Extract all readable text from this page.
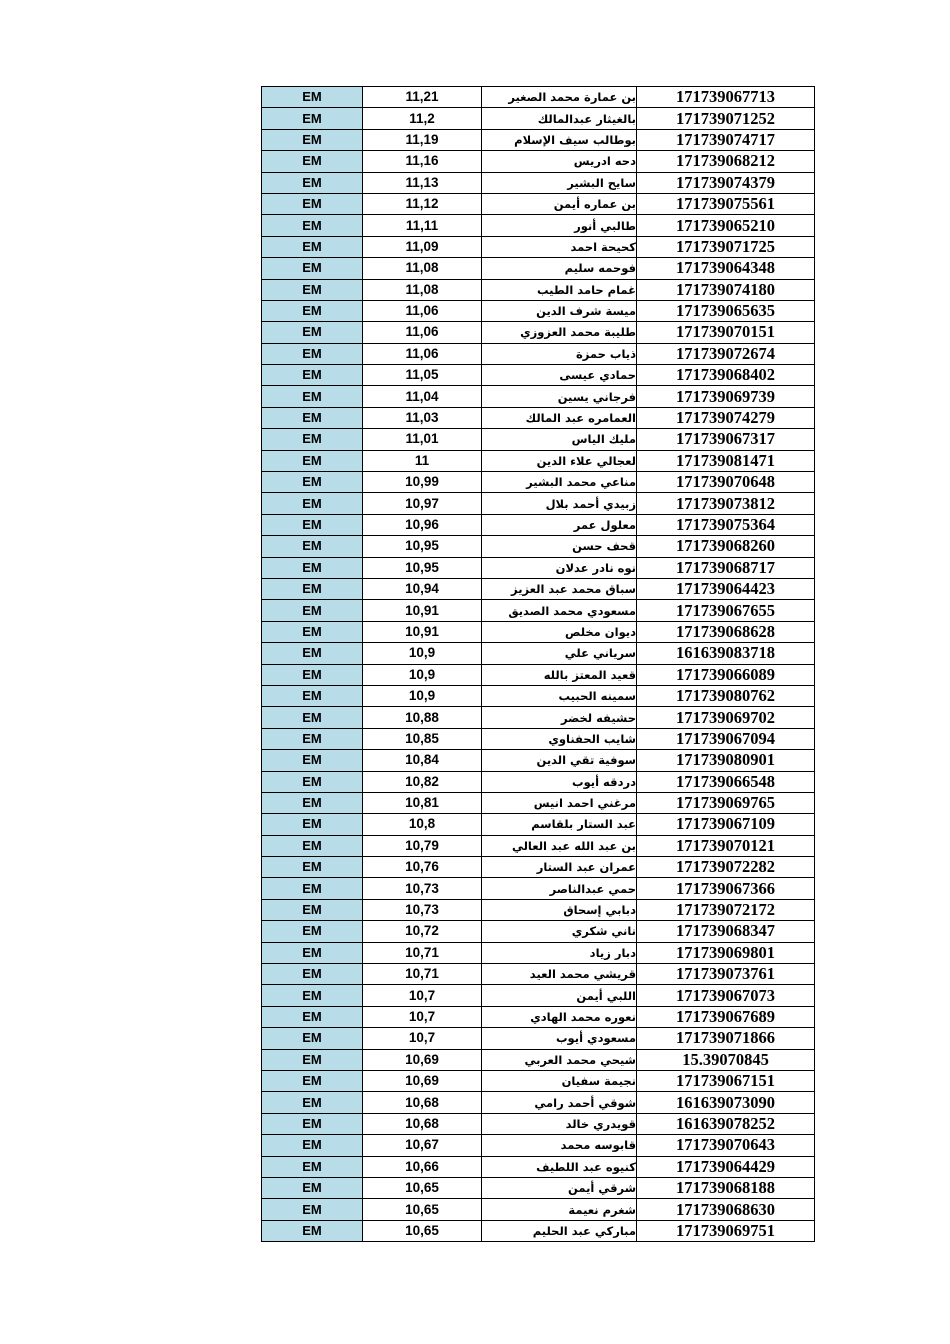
EM	11,21	بن عمارة محمد الصغير	171739067713
EM	11,2	بالغيثار عبدالمالك	171739071252
EM	11,19	بوطالب سيف الإسلام	171739074717
EM	11,16	دحه ادريس	171739068212
EM	11,13	سايح البشير	171739074379
EM	11,12	بن عماره أيمن	171739075561
EM	11,11	طالبي أنور	171739065210
EM	11,09	كحيحة احمد	171739071725
EM	11,08	فوحمه سليم	171739064348
EM	11,08	غمام حامد الطيب	171739074180
EM	11,06	ميسة شرف الدين	171739065635
EM	11,06	طليبة محمد العزوزي	171739070151
EM	11,06	ذياب حمزة	171739072674
EM	11,05	حمادي عيسى	171739068402
EM	11,04	فرجاني يسين	171739069739
EM	11,03	العمامره عبد المالك	171739074279
EM	11,01	مليك الياس	171739067317
EM	11	لعجالي علاء الدين	171739081471
EM	10,99	مناعي محمد البشير	171739070648
EM	10,97	زبيدي أحمد بلال	171739073812
EM	10,96	معلول عمر	171739075364
EM	10,95	قحف حسن	171739068260
EM	10,95	نوه نادر عدلان	171739068717
EM	10,94	سباق محمد عبد العزيز	171739064423
EM	10,91	مسعودي محمد الصديق	171739067655
EM	10,91	ديوان مخلص	171739068628
EM	10,9	سرياني علي	161639083718
EM	10,9	قعيد المعتز بالله	171739066089
EM	10,9	سمينه الحبيب	171739080762
EM	10,88	حشيفه لخضر	171739069702
EM	10,85	شايب الحفناوي	171739067094
EM	10,84	سوفية تقي الدين	171739080901
EM	10,82	دردقه أيوب	171739066548
EM	10,81	مرغني احمد انيس	171739069765
EM	10,8	عبد الستار بلقاسم	171739067109
EM	10,79	بن عبد الله عبد العالي	171739070121
EM	10,76	عمران عبد الستار	171739072282
EM	10,73	حمي عبدالناصر	171739067366
EM	10,73	دبابي إسحاق	171739072172
EM	10,72	ناني شكري	171739068347
EM	10,71	دبار زياد	171739069801
EM	10,71	قريشي محمد العيد	171739073761
EM	10,7	اللبي أيمن	171739067073
EM	10,7	نعوره محمد الهادي	171739067689
EM	10,7	مسعودي أيوب	171739071866
EM	10,69	شيحي محمد العربي	15.39070845
EM	10,69	نجيمة سفيان	171739067151
EM	10,68	شوقي أحمد رامي	161639073090
EM	10,68	قويدري خالد	161639078252
EM	10,67	قابوسه محمد	171739070643
EM	10,66	كنيوه عبد اللطيف	171739064429
EM	10,65	شرقي أيمن	171739068188
EM	10,65	شغرم نعيمة	171739068630
EM	10,65	مباركي عبد الحليم	171739069751
